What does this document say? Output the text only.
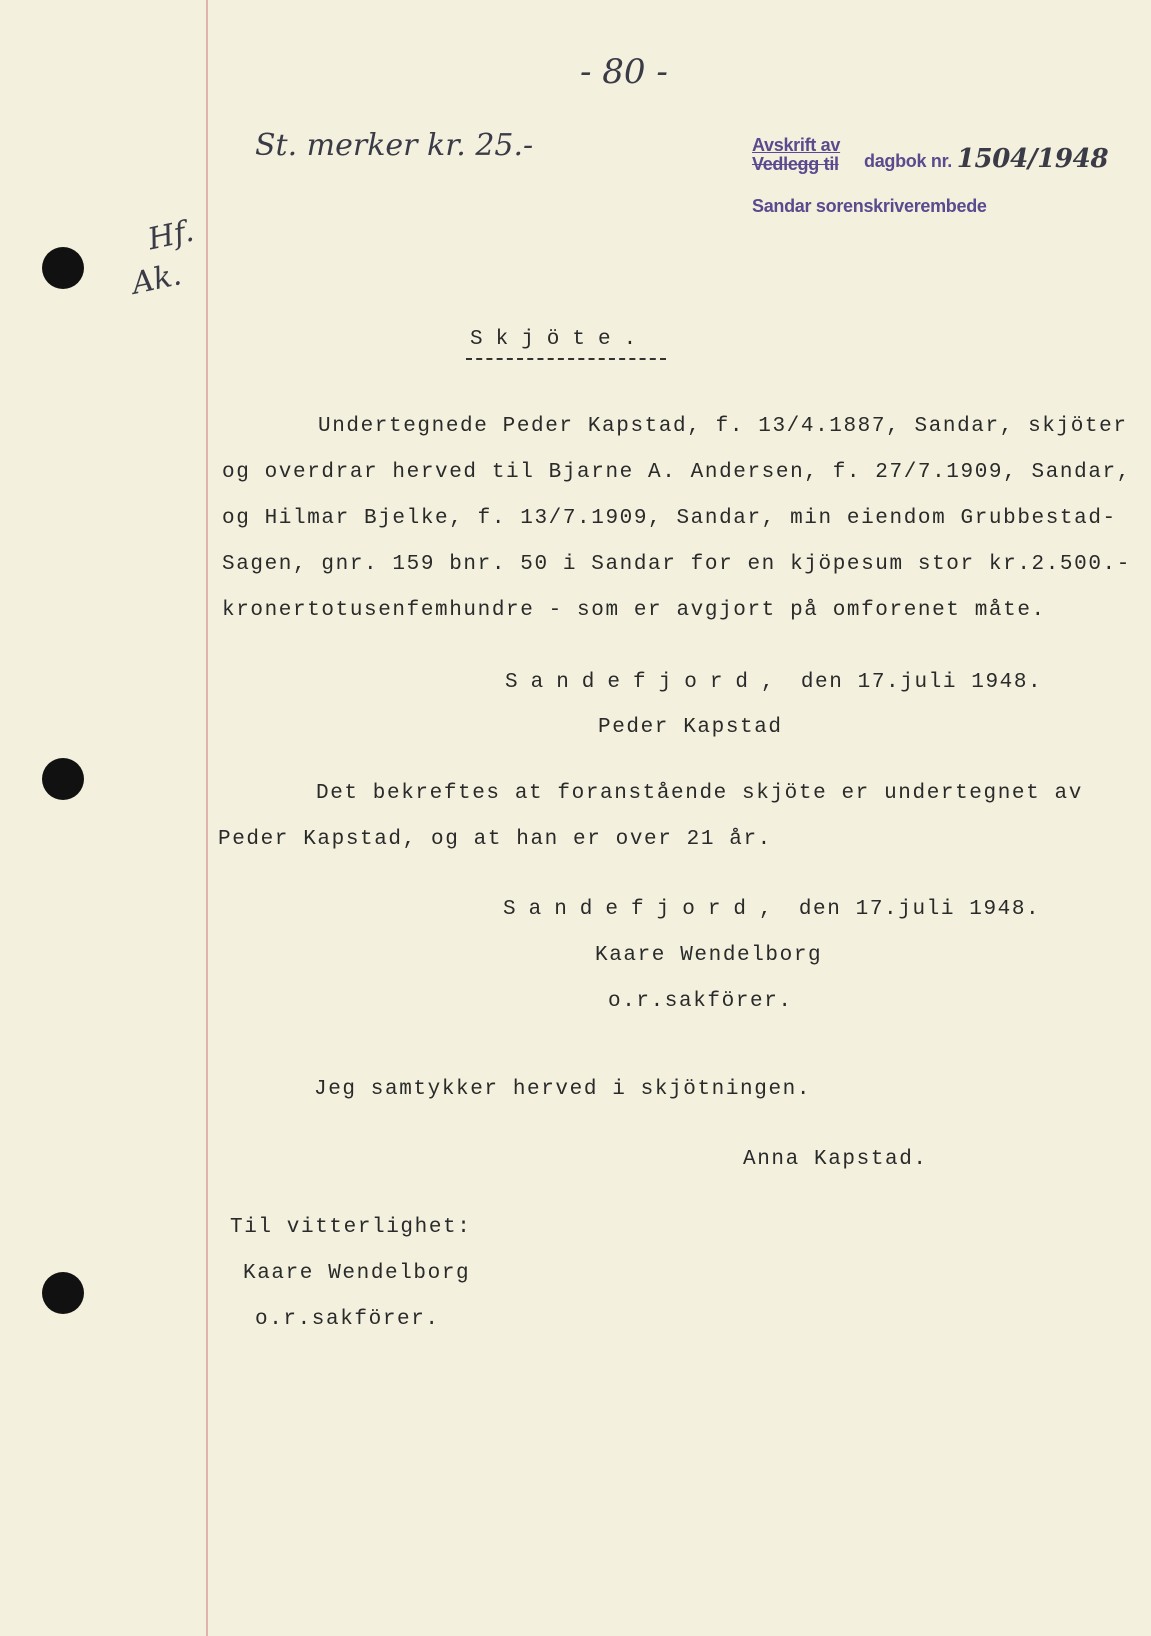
- 80 -
St. merker kr. 25.-
Hf.
Ak.
Avskrift av
Vedlegg til dagbok nr. 1504/1948
Sandar sorenskriverembede
Skjöte.
Undertegnede Peder Kapstad, f. 13/4.1887, Sandar, skjöter
og overdrar herved til Bjarne A. Andersen, f. 27/7.1909, Sandar,
og Hilmar Bjelke, f. 13/7.1909, Sandar, min eiendom Grubbestad-
Sagen, gnr. 159 bnr. 50 i Sandar for en kjöpesum stor kr.2.500.-
kronertotusenfemhundre - som er avgjort på omforenet måte.
Sandefjord, den 17.juli 1948.
Peder Kapstad
Det bekreftes at foranstående skjöte er undertegnet av
Peder Kapstad, og at han er over 21 år.
Sandefjord, den 17.juli 1948.
Kaare Wendelborg
o.r.sakförer.
Jeg samtykker herved i skjötningen.
Anna Kapstad.
Til vitterlighet:
Kaare Wendelborg
o.r.sakförer.
